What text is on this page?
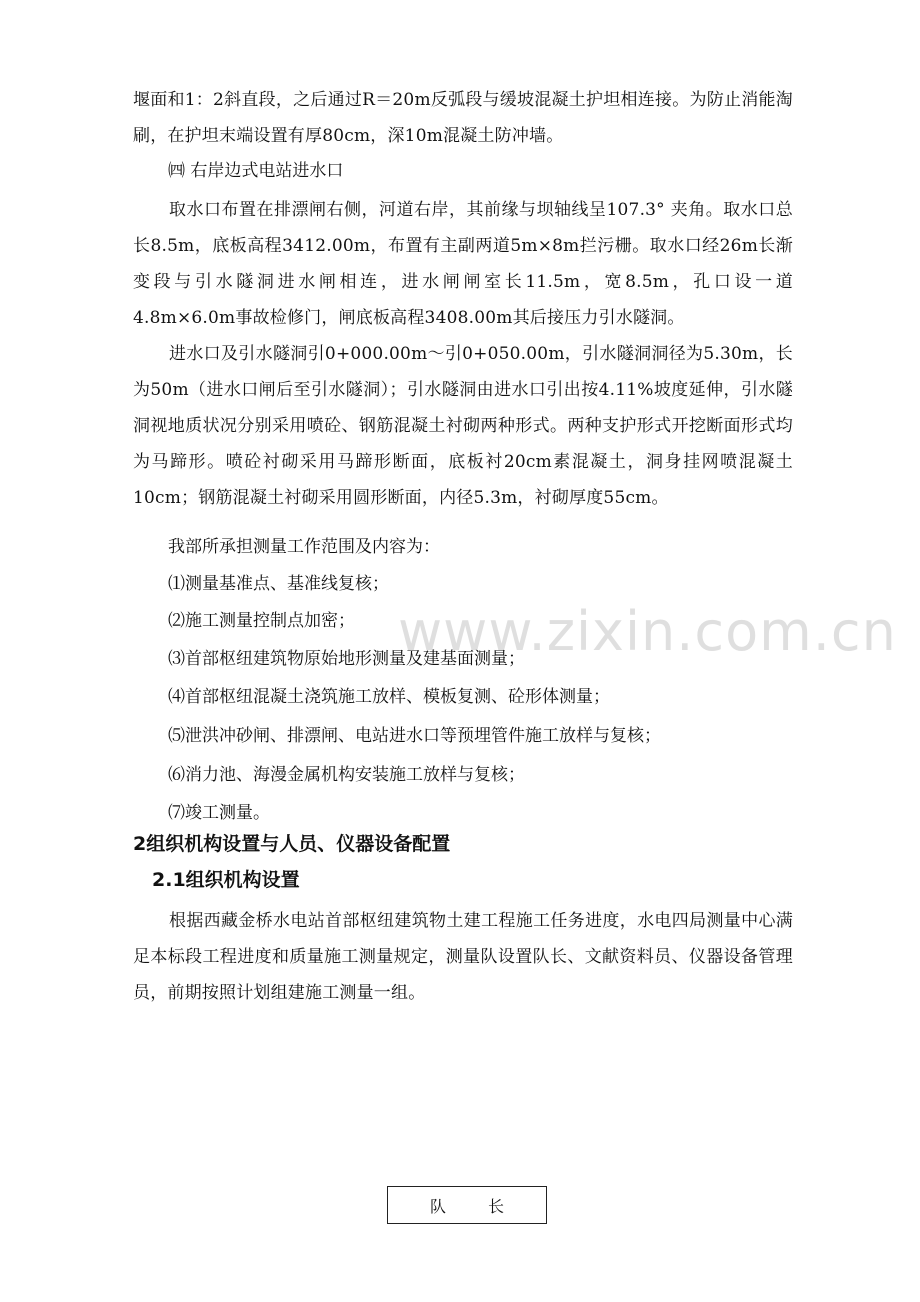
堰面和1：2斜直段，之后通过R＝20m反弧段与缓坡混凝土护坦相连接。为防止消能淘刷，在护坦末端设置有厚80cm，深10m混凝土防冲墙。

㈣ 右岸边式电站进水口

取水口布置在排漂闸右侧，河道右岸，其前缘与坝轴线呈107.3° 夹角。取水口总长8.5m，底板高程3412.00m，布置有主副两道5m×8m拦污栅。取水口经26m长渐变段与引水隧洞进水闸相连，进水闸闸室长11.5m，宽8.5m，孔口设一道4.8m×6.0m事故检修门，闸底板高程3408.00m其后接压力引水隧洞。

进水口及引水隧洞引0+000.00m～引0+050.00m，引水隧洞洞径为5.30m，长为50m（进水口闸后至引水隧洞）；引水隧洞由进水口引出按4.11%坡度延伸，引水隧洞视地质状况分别采用喷砼、钢筋混凝土衬砌两种形式。两种支护形式开挖断面形式均为马蹄形。喷砼衬砌采用马蹄形断面，底板衬20cm素混凝土，洞身挂网喷混凝土10cm；钢筋混凝土衬砌采用圆形断面，内径5.3m，衬砌厚度55cm。

我部所承担测量工作范围及内容为：

⑴测量基准点、基准线复核；

⑵施工测量控制点加密；

⑶首部枢纽建筑物原始地形测量及建基面测量；

⑷首部枢纽混凝土浇筑施工放样、模板复测、砼形体测量；

⑸泄洪冲砂闸、排漂闸、电站进水口等预埋管件施工放样与复核；

⑹消力池、海漫金属机构安装施工放样与复核；

⑺竣工测量。

2组织机构设置与人员、仪器设备配置
2.1组织机构设置

根据西藏金桥水电站首部枢纽建筑物土建工程施工任务进度，水电四局测量中心满足本标段工程进度和质量施工测量规定，测量队设置队长、文献资料员、仪器设备管理员，前期按照计划组建施工测量一组。

队长
www.zixin.com.cn
